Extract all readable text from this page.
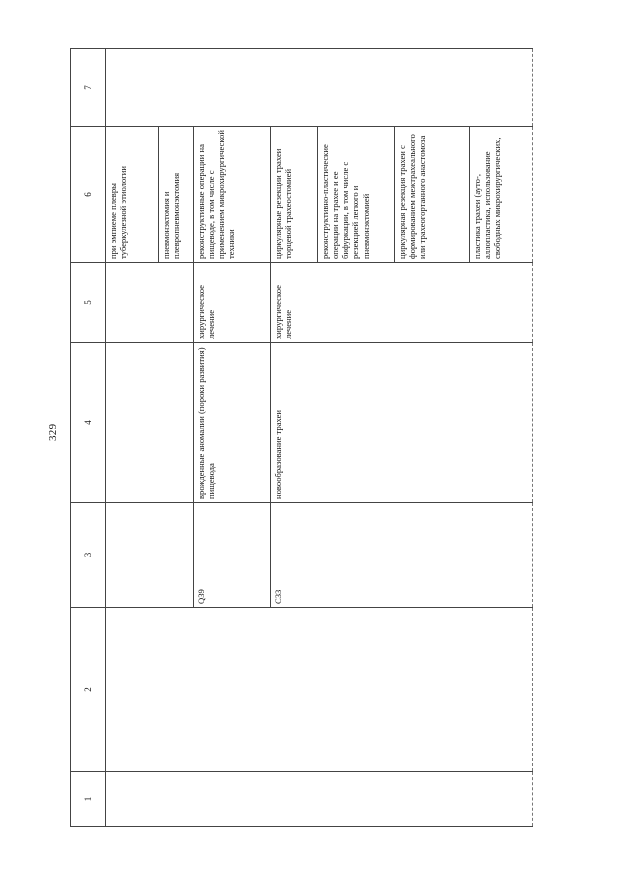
329
1	2	3	4	5	6	7
					при эмпиеме плевры туберкулезной этиологии	
					пневмонэктомия и плевропневмонэктомия	
		Q39	врожденные аномалии (пороки развития) пищевода	хирургическое лечение	реконструктивные операции на пищеводе, в том числе с применением микрохирургической техники	
		C33	новообразование трахеи	хирургическое лечение	циркулярные резекции трахеи торцевой трахеостомией	
					реконструктивно-пластические операции на трахее и ее бифуркации, в том числе с резекцией легкого и пневмонэктомией	
					циркулярная резекция трахеи с формированием межтрахеального или трахеогортанного анастомоза	
					пластика трахеи (ауто-, аллопластика, использование свободных микрохирургических,	
